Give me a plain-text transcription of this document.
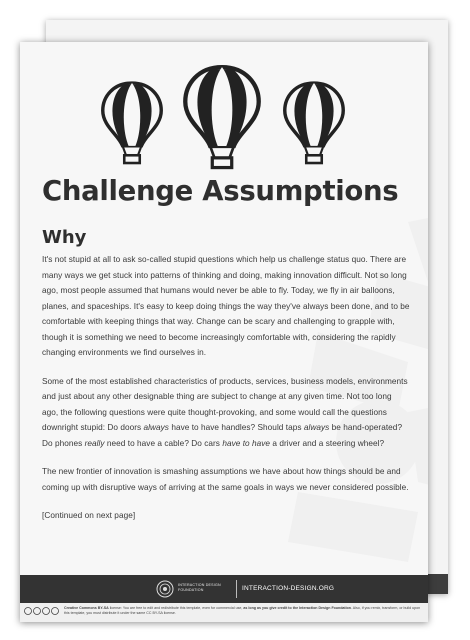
Challenge Assumptions
Why

It's not stupid at all to ask so-called stupid questions which help us challenge status quo. There are many ways we get stuck into patterns of thinking and doing, making innovation difficult. Not so long ago, most people assumed that humans would never be able to fly. Today, we fly in air balloons, planes, and spaceships. It's easy to keep doing things the way they've always been done, and to be comfortable with keeping things that way. Change can be scary and challenging to grapple with, though it is something we need to become increasingly comfortable with, considering the rapidly changing environments we find ourselves in.

Some of the most established characteristics of products, services, business models, environments and just about any other designable thing are subject to change at any given time. Not too long ago, the following questions were quite thought-provoking, and some would call the questions downright stupid: Do doors always have to have handles? Should taps always be hand-operated? Do phones really need to have a cable? Do cars have to have a driver and a steering wheel?

The new frontier of innovation is smashing assumptions we have about how things should be and coming up with disruptive ways of arriving at the same goals in ways we never considered possible.

[Continued on next page]

INTERACTION DESIGN FOUNDATION	INTERACTION-DESIGN.ORG
Creative Commons BY-SA license: You are free to edit and redistribute this template, even for commercial use, as long as you give credit to the Interaction Design Foundation. Also, if you remix, transform, or build upon this template, you must distribute it under the same CC BY-SA license.
